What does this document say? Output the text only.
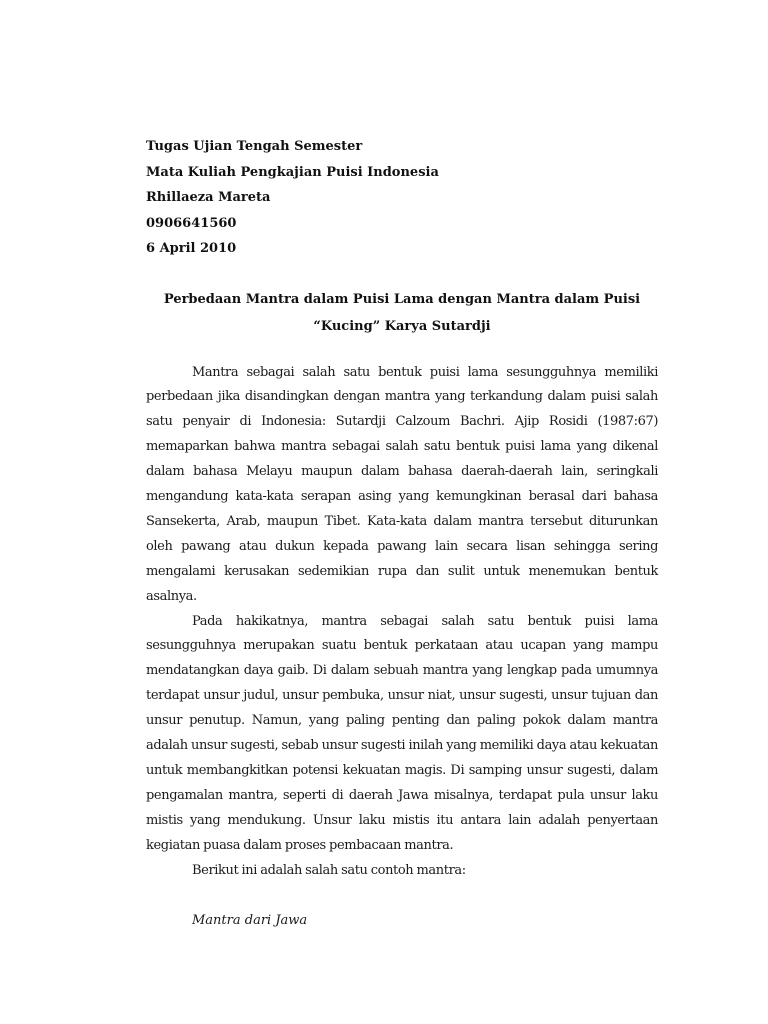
Tugas Ujian Tengah Semester
Mata Kuliah Pengkajian Puisi Indonesia
Rhillaeza Mareta
0906641560
6 April 2010
Perbedaan Mantra dalam Puisi Lama dengan Mantra dalam Puisi
“Kucing” Karya Sutardji

Mantra sebagai salah satu bentuk puisi lama sesungguhnya memiliki perbedaan jika disandingkan dengan mantra yang terkandung dalam puisi salah satu penyair di Indonesia: Sutardji Calzoum Bachri. Ajip Rosidi (1987:67) memaparkan bahwa mantra sebagai salah satu bentuk puisi lama yang dikenal dalam bahasa Melayu maupun dalam bahasa daerah-daerah lain, seringkali mengandung kata-kata serapan asing yang kemungkinan berasal dari bahasa Sansekerta, Arab, maupun Tibet. Kata-kata dalam mantra tersebut diturunkan oleh pawang atau dukun kepada pawang lain secara lisan sehingga sering mengalami kerusakan sedemikian rupa dan sulit untuk menemukan bentuk asalnya.

Pada hakikatnya, mantra sebagai salah satu bentuk puisi lama sesungguhnya merupakan suatu bentuk perkataan atau ucapan yang mampu mendatangkan daya gaib. Di dalam sebuah mantra yang lengkap pada umumnya terdapat unsur judul, unsur pembuka, unsur niat, unsur sugesti, unsur tujuan dan unsur penutup. Namun, yang paling penting dan paling pokok dalam mantra adalah unsur sugesti, sebab unsur sugesti inilah yang memiliki daya atau kekuatan untuk membangkitkan potensi kekuatan magis. Di samping unsur sugesti, dalam pengamalan mantra, seperti di daerah Jawa misalnya, terdapat pula unsur laku mistis yang mendukung. Unsur laku mistis itu antara lain adalah penyertaan kegiatan puasa dalam proses pembacaan mantra.

Berikut ini adalah salah satu contoh mantra:

Mantra dari Jawa
